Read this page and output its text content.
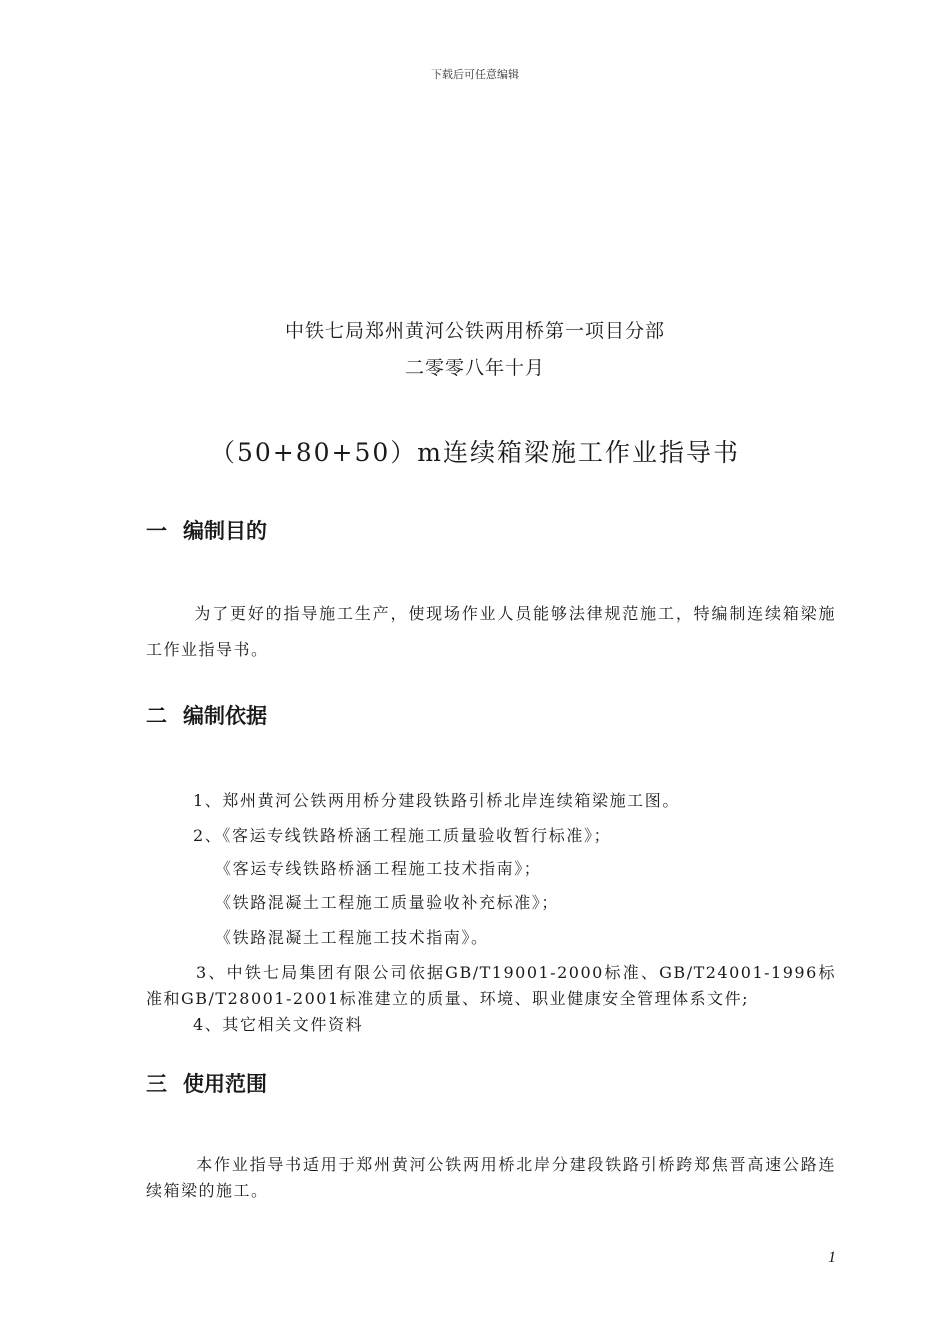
下载后可任意编辑
中铁七局郑州黄河公铁两用桥第一项目分部
二零零八年十月
（50+80+50）m连续箱梁施工作业指导书
一 编制目的
为了更好的指导施工生产，使现场作业人员能够法律规范施工，特编制连续箱梁施工作业指导书。
二 编制依据
1、郑州黄河公铁两用桥分建段铁路引桥北岸连续箱梁施工图。
2、《客运专线铁路桥涵工程施工质量验收暂行标准》；
《客运专线铁路桥涵工程施工技术指南》；
《铁路混凝土工程施工质量验收补充标准》；
《铁路混凝土工程施工技术指南》。
3、中铁七局集团有限公司依据GB/T19001-2000标准、GB/T24001-1996标准和GB/T28001-2001标准建立的质量、环境、职业健康安全管理体系文件;
4、其它相关文件资料
三 使用范围
本作业指导书适用于郑州黄河公铁两用桥北岸分建段铁路引桥跨郑焦晋高速公路连续箱梁的施工。
1
